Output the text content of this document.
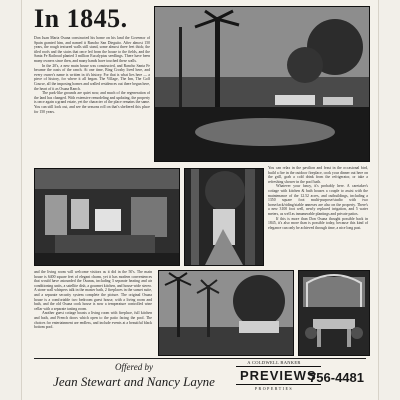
In 1845.

Don Juan Maria Osuna constructed his home on his land the Governor of Spain granted him, and named it Rancho San Dieguito. After almost 150 years, the rough textured walls still stand, some almost three feet thick; the tiled roofs and the stairs that once led from the house to the fields, and the Santa Fe Railroad planted 3 million Eucalyptus seedlings. There have been many owners since then, and many hands have touched these walls.

In the 20's, a new main house was constructed, and Rancho Santa Fe became the oasis of the ranch. At one time, Bing Crosby lived here, and every owner's name is written in it's history. For that is what lies here — a piece of history, for where it all began. The Village, The Inn, The Golf Course, all the imposing homes and walled residences out there began here, the heart of it as Osuna Ranch.

The park-like grounds are quiet now, and much of the regeneration of the land has changed. With extensive remodeling and updating, the property is once again a grand estate, yet the character of the place remains the same. You can still look out, and see the seasons roll on that's sheltered this place for 150 years.

You can relax in the pavilion and feast in the occasional bird, build a fire in the outdoor fireplace, cook your dinner out here on the grill, grab a cold drink from the refrigerator, or take a refreshing shower in the pool bath.

Whatever your fancy, it's probably here. A caretaker's cottage with kitchen & bath houses a couple to assist with the maintenance of the 12.52 acres, and outbuildings, including a 1350 square foot multi-purpose/studio with two horse/tack/riding/stable annexes are also on the property. There's a new 3100 foot well, newly replaced irrigation, and 5 water meters, as well as innumerable plantings and private patios.

If this is more than Don Osuna thought possible back in 1845, it's also more than is possible today, because this kind of elegance can only be achieved through time, a nice long past.

and the living room will welcome visitors as it did in the 50's. The main house is 6400 square feet of elegant charm, yet it has modern conveniences that would have astounded the Osunas, including 3 separate heating and air conditioning units, a satellite dish, a gourmet kitchen, and house-wide stereo. A stone wall whispers talk in the master bath, 2 fireplaces in the sunset suite, and a separate security system complete the picture. The original Osuna house is a comfortable two bedroom guest house, with a living room and bath, and the old Osuna cook house is now a temperature controlled wine cellar with a separate tasting room.

Another guest cottage boasts a living room with fireplace, full kitchen and bath, and French doors which open to the patio facing the pool. The choices for entertainment are endless, and include events at a beautiful black bottom pool.

Offered by
Jean Stewart and Nancy Layne
A COLDWELL BANKER
PREVIEWS
PROPERTIES
756-4481
